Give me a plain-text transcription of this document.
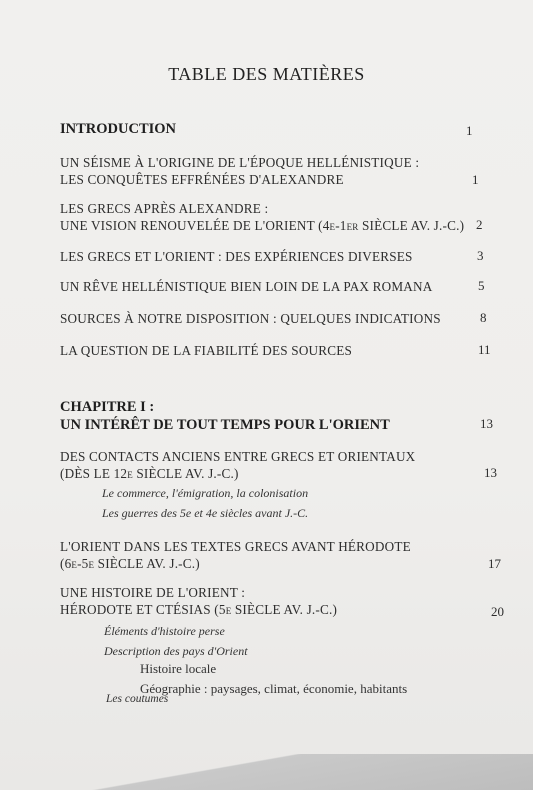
TABLE DES MATIÈRES
INTRODUCTION	1
UN SÉISME À L'ORIGINE DE L'ÉPOQUE HELLÉNISTIQUE :
LES CONQUÊTES EFFRÉNÉES D'ALEXANDRE	1
LES GRECS APRÈS ALEXANDRE :
UNE VISION RENOUVELÉE DE L'ORIENT (4e-1er SIÈCLE AV. J.-C.) 2
LES GRECS ET L'ORIENT : DES EXPÉRIENCES DIVERSES	3
UN RÊVE HELLÉNISTIQUE BIEN LOIN DE LA PAX ROMANA	5
SOURCES À NOTRE DISPOSITION : QUELQUES INDICATIONS	8
LA QUESTION DE LA FIABILITÉ DES SOURCES	11
CHAPITRE I :
UN INTÉRÊT DE TOUT TEMPS POUR L'ORIENT	13
DES CONTACTS ANCIENS ENTRE GRECS ET ORIENTAUX
(DÈS LE 12e SIÈCLE AV. J.-C.)	13
Le commerce, l'émigration, la colonisation
Les guerres des 5e et 4e siècles avant J.-C.
L'ORIENT DANS LES TEXTES GRECS AVANT HÉRODOTE
(6e-5e SIÈCLE AV. J.-C.)	17
UNE HISTOIRE DE L'ORIENT :
HÉRODOTE ET CTÉSIAS (5e SIÈCLE AV. J.-C.)	20
Éléments d'histoire perse
Description des pays d'Orient
Histoire locale
Géographie : paysages, climat, économie, habitants
Les coutumes
